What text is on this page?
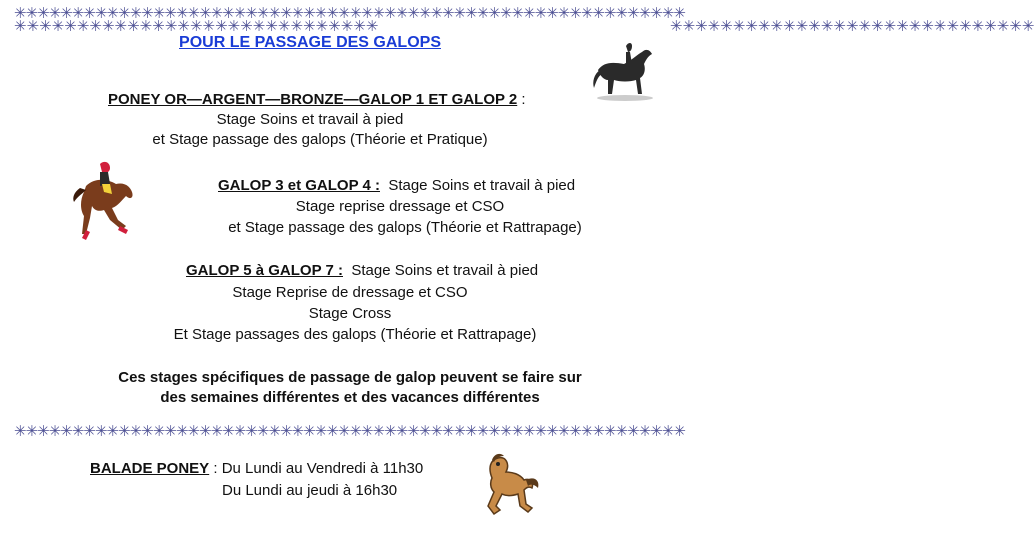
✳✳✳✳✳✳✳✳✳✳✳✳✳✳✳✳✳✳✳✳✳✳✳✳✳✳✳✳✳✳✳✳✳✳✳✳✳✳✳✳✳✳✳✳✳✳✳✳✳✳✳✳✳✳✳✳✳✳
✳✳✳✳✳✳✳✳✳✳✳✳✳✳✳✳✳✳✳✳✳✳✳✳✳✳✳✳✳✳✳✳✳✳✳✳✳✳✳✳✳✳✳✳✳✳✳✳✳✳✳✳✳✳✳✳✳✳
✳✳✳✳✳✳✳✳✳✳✳✳✳✳✳✳✳✳✳✳✳✳✳✳✳✳✳✳✳	✳✳✳✳✳✳✳✳✳✳✳✳✳✳✳✳✳✳✳✳✳✳✳✳✳✳✳✳✳
POUR LE PASSAGE DES GALOPS
PONEY OR—ARGENT—BRONZE—GALOP 1 ET GALOP 2 :
Stage Soins et travail à pied
et Stage passage des galops (Théorie et Pratique)
GALOP 3 et GALOP 4 : Stage Soins et travail à pied
Stage reprise dressage et CSO
et Stage passage des galops (Théorie et Rattrapage)
GALOP 5 à GALOP 7 : Stage Soins et travail à pied
Stage Reprise de dressage et CSO
Stage Cross
Et Stage passages des galops (Théorie et Rattrapage)
Ces stages spécifiques de passage de galop peuvent se faire sur
des semaines différentes et des vacances différentes
BALADE PONEY : Du Lundi au Vendredi à 11h30
Du Lundi au jeudi à 16h30
